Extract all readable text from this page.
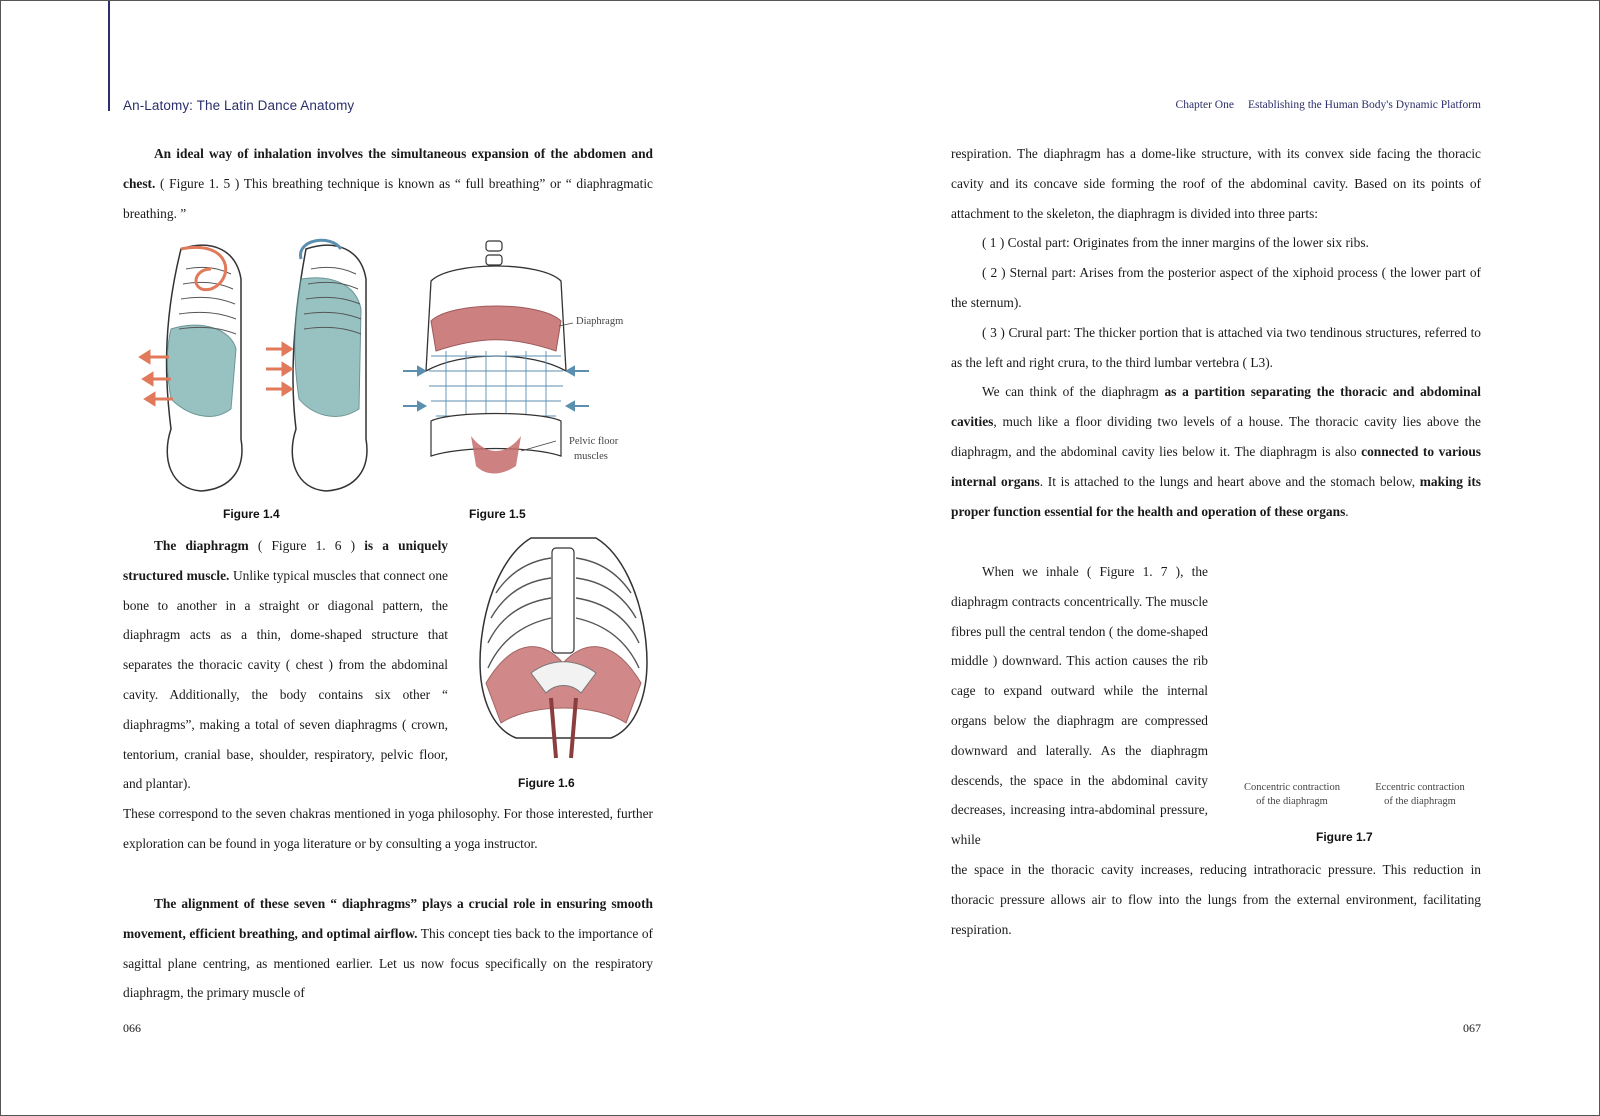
An-Latomy: The Latin Dance Anatomy

An ideal way of inhalation involves the simultaneous expansion of the abdomen and chest. ( Figure 1. 5 ) This breathing technique is known as “ full breathing” or “ diaphragmatic breathing. ”

Diaphragm
Pelvic floor
muscles
Figure 1.4	Figure 1.5

The diaphragm ( Figure 1. 6 ) is a uniquely structured muscle. Unlike typical muscles that connect one bone to another in a straight or diagonal pattern, the diaphragm acts as a thin, dome-shaped structure that separates the thoracic cavity ( chest ) from the abdominal cavity. Additionally, the body contains six other “ diaphragms”, making a total of seven diaphragms ( crown, tentorium, cranial base, shoulder, respiratory, pelvic floor, and plantar).	Figure 1.6

These correspond to the seven chakras mentioned in yoga philosophy. For those interested, further exploration can be found in yoga literature or by consulting a yoga instructor.

The alignment of these seven “ diaphragms” plays a crucial role in ensuring smooth movement, efficient breathing, and optimal airflow. This concept ties back to the importance of sagittal plane centring, as mentioned earlier. Let us now focus specifically on the respiratory diaphragm, the primary muscle of

066
Chapter One Establishing the Human Body's Dynamic Platform

respiration. The diaphragm has a dome-like structure, with its convex side facing the thoracic cavity and its concave side forming the roof of the abdominal cavity. Based on its points of attachment to the skeleton, the diaphragm is divided into three parts:

( 1 ) Costal part: Originates from the inner margins of the lower six ribs.

( 2 ) Sternal part: Arises from the posterior aspect of the xiphoid process ( the lower part of the sternum).

( 3 ) Crural part: The thicker portion that is attached via two tendinous structures, referred to as the left and right crura, to the third lumbar vertebra ( L3).

We can think of the diaphragm as a partition separating the thoracic and abdominal cavities, much like a floor dividing two levels of a house. The thoracic cavity lies above the diaphragm, and the abdominal cavity lies below it. The diaphragm is also connected to various internal organs. It is attached to the lungs and heart above and the stomach below, making its proper function essential for the health and operation of these organs.

When we inhale ( Figure 1. 7 ), the diaphragm contracts concentrically. The muscle fibres pull the central tendon ( the dome-shaped middle ) downward. This action causes the rib cage to expand outward while the internal organs below the diaphragm are compressed downward and laterally. As the diaphragm descends, the space in the abdominal cavity decreases, increasing intra-abdominal pressure, while

Concentric contraction
of the diaphragm
Eccentric contraction
of the diaphragm
Figure 1.7

the space in the thoracic cavity increases, reducing intrathoracic pressure. This reduction in thoracic pressure allows air to flow into the lungs from the external environment, facilitating respiration.

067
